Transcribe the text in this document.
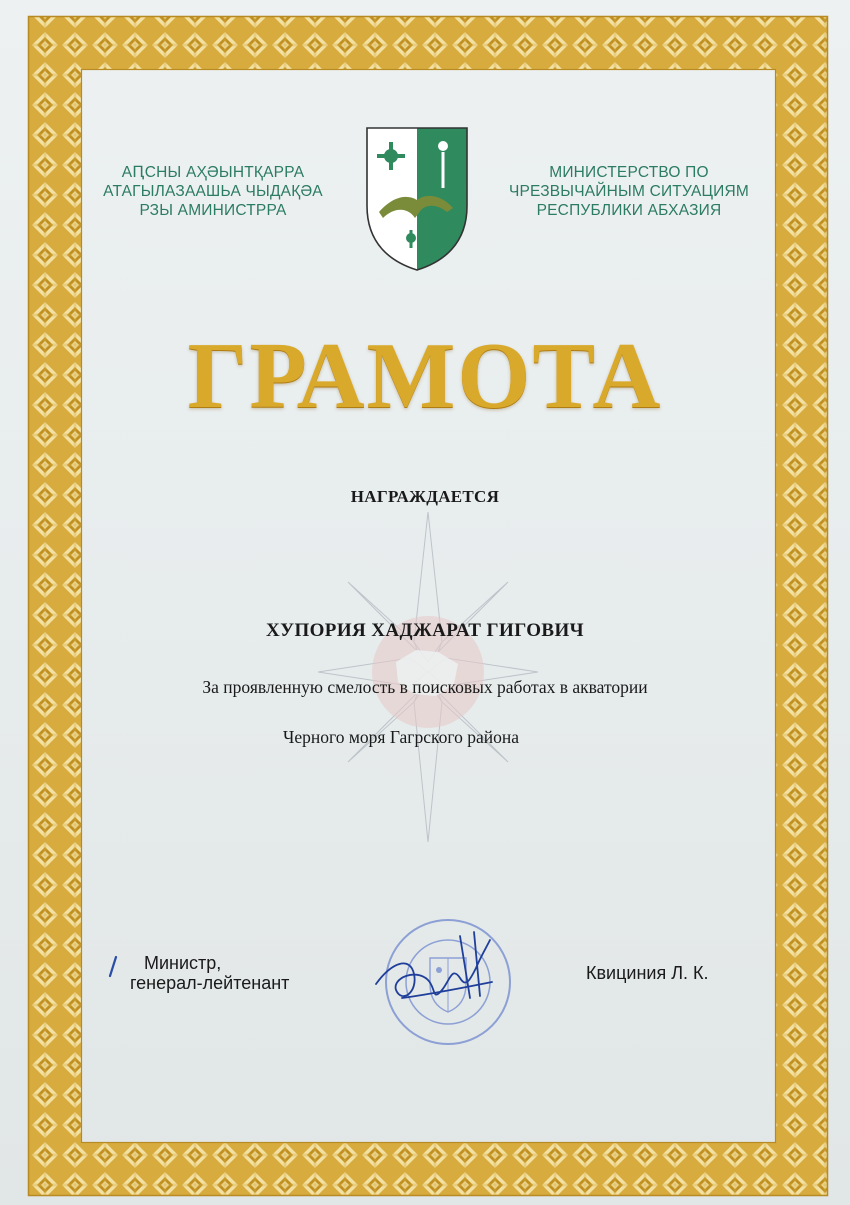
АԤСНЫ АҲӘЫНТҚАРРА
АТАГЫЛАЗААШЬА ЧЫДАҚӘА
РЗЫ АМИНИСТРРА
МИНИСТЕРСТВО ПО
ЧРЕЗВЫЧАЙНЫМ СИТУАЦИЯМ
РЕСПУБЛИКИ АБХАЗИЯ
ГРАМОТА
НАГРАЖДАЕТСЯ
ХУПОРИЯ ХАДЖАРАТ ГИГОВИЧ
За проявленную смелость в поисковых работах в акватории
Черного моря Гагрского района
Министр,
генерал-лейтенант	Квициния Л. К.
